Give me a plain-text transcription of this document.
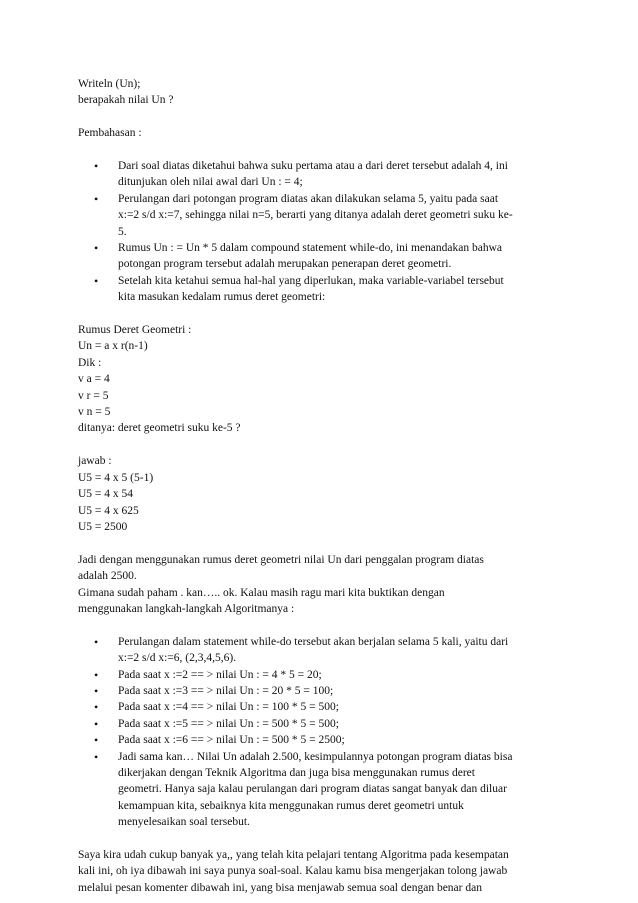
Writeln (Un);
berapakah nilai Un ?
Pembahasan :
• Dari soal diatas diketahui bahwa suku pertama atau a dari deret tersebut adalah 4, ini
ditunjukan oleh nilai awal dari Un : = 4;
• Perulangan dari potongan program diatas akan dilakukan selama 5, yaitu pada saat
x:=2 s/d x:=7, sehingga nilai n=5, berarti yang ditanya adalah deret geometri suku ke-
5.
• Rumus Un : = Un * 5 dalam compound statement while-do, ini menandakan bahwa
potongan program tersebut adalah merupakan penerapan deret geometri.
• Setelah kita ketahui semua hal-hal yang diperlukan, maka variable-variabel tersebut
kita masukan kedalam rumus deret geometri:
Rumus Deret Geometri :
Un = a x r(n-1)
Dik :
v a = 4
v r = 5
v n = 5
ditanya: deret geometri suku ke-5 ?
jawab :
U5 = 4 x 5 (5-1)
U5 = 4 x 54
U5 = 4 x 625
U5 = 2500
Jadi dengan menggunakan rumus deret geometri nilai Un dari penggalan program diatas
adalah 2500.
Gimana sudah paham . kan….. ok. Kalau masih ragu mari kita buktikan dengan
menggunakan langkah-langkah Algoritmanya :
• Perulangan dalam statement while-do tersebut akan berjalan selama 5 kali, yaitu dari
x:=2 s/d x:=6, (2,3,4,5,6).
• Pada saat x :=2 == > nilai Un : = 4 * 5 = 20;
• Pada saat x :=3 == > nilai Un : = 20 * 5 = 100;
• Pada saat x :=4 == > nilai Un : = 100 * 5 = 500;
• Pada saat x :=5 == > nilai Un : = 500 * 5 = 500;
• Pada saat x :=6 == > nilai Un : = 500 * 5 = 2500;
• Jadi sama kan… Nilai Un adalah 2.500, kesimpulannya potongan program diatas bisa
dikerjakan dengan Teknik Algoritma dan juga bisa menggunakan rumus deret
geometri. Hanya saja kalau perulangan dari program diatas sangat banyak dan diluar
kemampuan kita, sebaiknya kita menggunakan rumus deret geometri untuk
menyelesaikan soal tersebut.
Saya kira udah cukup banyak ya,, yang telah kita pelajari tentang Algoritma pada kesempatan
kali ini, oh iya dibawah ini saya punya soal-soal. Kalau kamu bisa mengerjakan tolong jawab
melalui pesan komenter dibawah ini, yang bisa menjawab semua soal dengan benar dan
